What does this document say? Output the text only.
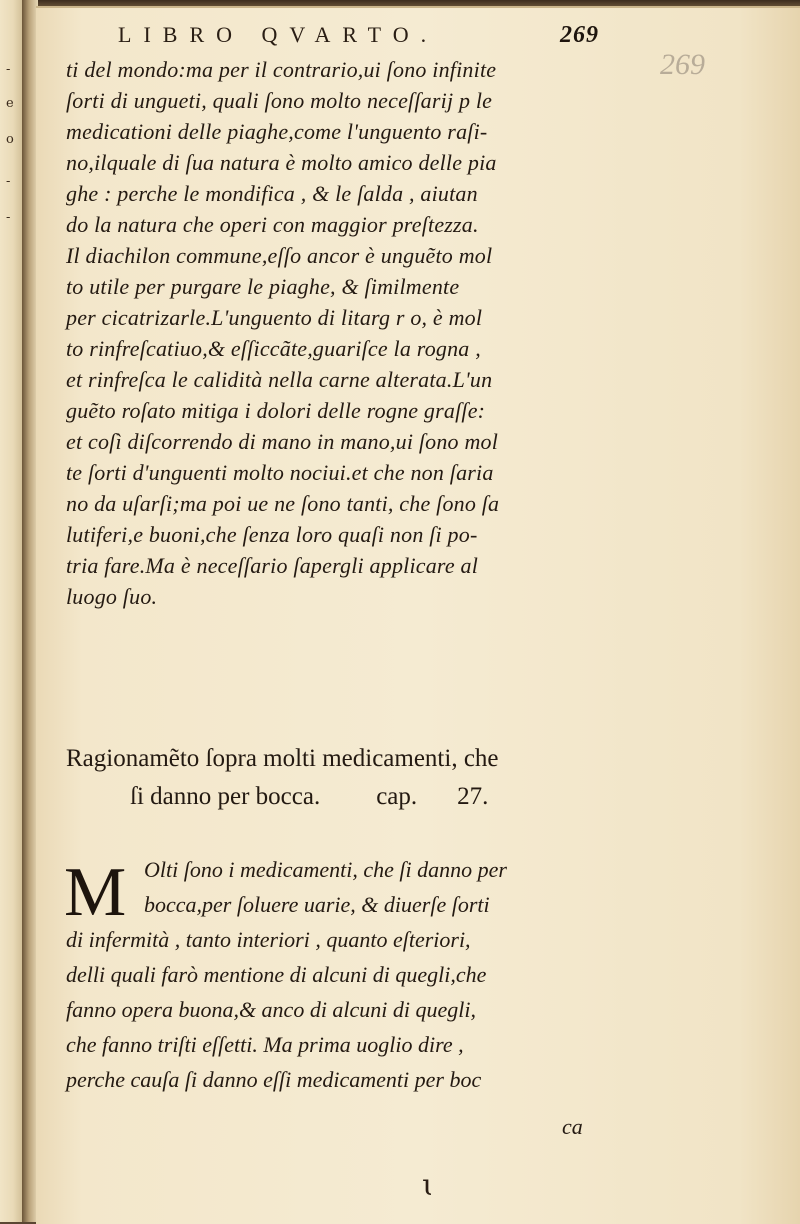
-
e
o
-
-
LIBRO QVARTO.	269
269
ti del mondo:ma per il contrario,ui ſono infinite
ſorti di ungueti, quali ſono molto neceſſarij p le
medicationi delle piaghe,come l'unguento raſi-
no,ilquale di ſua natura è molto amico delle pia
ghe : perche le mondifica , & le ſalda , aiutan
do la natura che operi con maggior preſtezza.
Il diachilon commune,eſſo ancor è unguẽto mol
to utile per purgare le piaghe, & ſimilmente
per cicatrizarle.L'unguento di litarg r o, è mol
to rinfreſcatiuo,& eſſiccãte,guariſce la rogna ,
et rinfreſca le calidità nella carne alterata.L'un
guẽto roſato mitiga i dolori delle rogne graſſe:
et coſì diſcorrendo di mano in mano,ui ſono mol
te ſorti d'unguenti molto nociui.et che non ſaria
no da uſarſi;ma poi ue ne ſono tanti, che ſono ſa
lutiferi,e buoni,che ſenza loro quaſi non ſi po-
tria fare.Ma è neceſſario ſapergli applicare al
luogo ſuo.
Ragionamẽto ſopra molti medicamenti, che
ſi danno per bocca. cap. 27.
M Olti ſono i medicamenti, che ſi danno per
bocca,per ſoluere uarie, & diuerſe ſorti
di infermità , tanto interiori , quanto eſteriori,
delli quali farò mentione di alcuni di quegli,che
fanno opera buona,& anco di alcuni di quegli,
che fanno triſti eſſetti. Ma prima uoglio dire ,
perche cauſa ſi danno eſſi medicamenti per boc
ca
ɩ
